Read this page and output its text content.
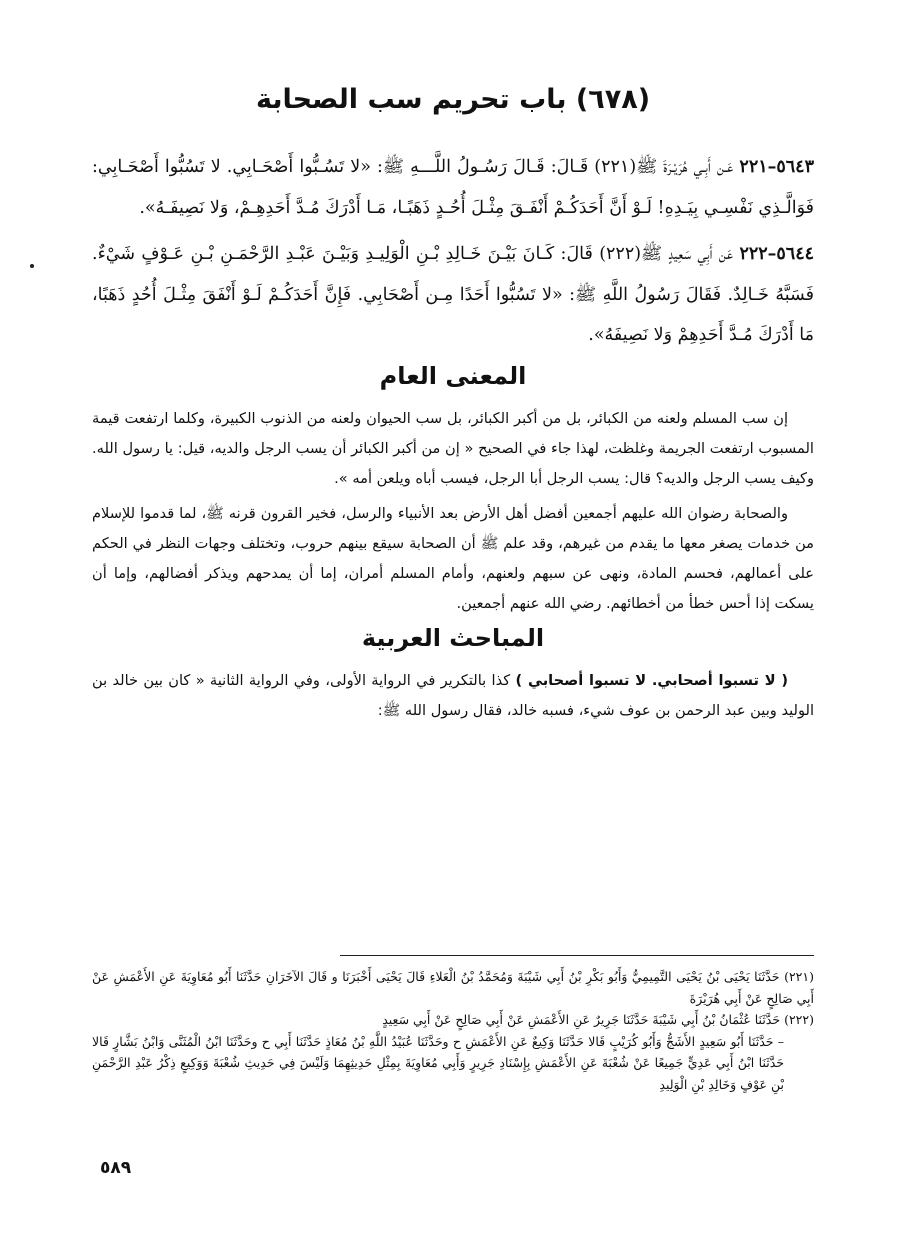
(٦٧٨) باب تحريم سب الصحابة

٥٦٤٣–٢٢١ عَـن أَبِـي هُرَيْـرَةَ ﷺ(٢٢١) قَـالَ: قَـالَ رَسُـولُ اللَّـــهِ ﷺ: «لا تَسُـبُّوا أَصْحَـابِي. لا تَسُبُّوا أَصْحَـابِي: فَوَالَّـذِي نَفْسِـي بِيَـدِهِ! لَـوْ أَنَّ أَحَدَكُـمْ أَنْفَـقَ مِثْـلَ أُحُـدٍ ذَهَبًـا، مَـا أَدْرَكَ مُـدَّ أَحَدِهِـمْ، وَلا نَصِيفَـهُ».

٥٦٤٤–٢٢٢ عَن أَبِي سَعِيدٍ ﷺ(٢٢٢) قَالَ: كَـانَ بَيْـنَ خَـالِدِ بْـنِ الْوَلِيـدِ وَبَيْـنَ عَبْـدِ الرَّحْمَـنِ بْـنِ عَـوْفٍ شَيْءٌ. فَسَبَّهُ خَـالِدٌ. فَقَالَ رَسُولُ اللَّهِ ﷺ: «لا تَسُبُّوا أَحَدًا مِـن أَصْحَابِي. فَإِنَّ أَحَدَكُـمْ لَـوْ أَنْفَقَ مِثْـلَ أُحُدٍ ذَهَبًا، مَا أَدْرَكَ مُـدَّ أَحَدِهِمْ وَلا نَصِيفَهُ».

المعنى العام

إن سب المسلم ولعنه من الكبائر، بل من أكبر الكبائر، بل سب الحيوان ولعنه من الذنوب الكبيرة، وكلما ارتفعت قيمة المسبوب ارتفعت الجريمة وغلظت، لهذا جاء في الصحيح « إن من أكبر الكبائر أن يسب الرجل والديه، قيل: يا رسول الله. وكيف يسب الرجل والديه؟ قال: يسب الرجل أبا الرجل، فيسب أباه ويلعن أمه ».

والصحابة رضوان الله عليهم أجمعين أفضل أهل الأرض بعد الأنبياء والرسل، فخير القرون قرنه ﷺ، لما قدموا للإسلام من خدمات يصغر معها ما يقدم من غيرهم، وقد علم ﷺ أن الصحابة سيقع بينهم حروب، وتختلف وجهات النظر في الحكم على أعمالهم، فحسم المادة، ونهى عن سبهم ولعنهم، وأمام المسلم أمران، إما أن يمدحهم ويذكر أفضالهم، وإما أن يسكت إذا أحس خطأ من أخطائهم. رضي الله عنهم أجمعين.

المباحث العربية

( لا تسبوا أصحابي. لا تسبوا أصحابي ) كذا بالتكرير في الرواية الأولى، وفي الرواية الثانية « كان بين خالد بن الوليد وبين عبد الرحمن بن عوف شيء، فسبه خالد، فقال رسول الله ﷺ:

(٢٢١) حَدَّثَنَا يَحْيَى بْنُ يَحْيَى التَّمِيمِيُّ وَأَبُو بَكْرِ بْنُ أَبِي شَيْبَةَ وَمُحَمَّدُ بْنُ الْعَلاءِ قَالَ يَحْيَى أَخْبَرَنَا و قَالَ الآخَرَانِ حَدَّثَنَا أَبُو مُعَاوِيَةَ عَنِ الأَعْمَشِ عَنْ أَبِي صَالِحٍ عَنْ أَبِي هُرَيْرَةَ

(٢٢٢) حَدَّثَنَا عُثْمَانُ بْنُ أَبِي شَيْبَةَ حَدَّثَنَا جَرِيرٌ عَنِ الأَعْمَشِ عَنْ أَبِي صَالِحٍ عَنْ أَبِي سَعِيدٍ

– حَدَّثَنَا أَبُو سَعِيدٍ الأَشَجُّ وَأَبُو كُرَيْبٍ قَالا حَدَّثَنَا وَكِيعٌ عَنِ الأَعْمَشِ ح وحَدَّثَنَا عُبَيْدُ اللَّهِ بْنُ مُعَاذٍ حَدَّثَنَا أَبِي ح وحَدَّثَنَا ابْنُ الْمُثَنَّى وَابْنُ بَشَّارٍ قَالا حَدَّثَنَا ابْنُ أَبِي عَدِيٍّ جَمِيعًا عَنْ شُعْبَةَ عَنِ الأَعْمَشِ بِإِسْنَادِ جَرِيرٍ وَأَبِي مُعَاوِيَةَ بِمِثْلِ حَدِيثِهِمَا وَلَيْسَ فِي حَدِيثِ شُعْبَةَ وَوَكِيعٍ ذِكْرُ عَبْدِ الرَّحْمَنِ بْنِ عَوْفٍ وَخَالِدِ بْنِ الْوَلِيدِ

٥٨٩
